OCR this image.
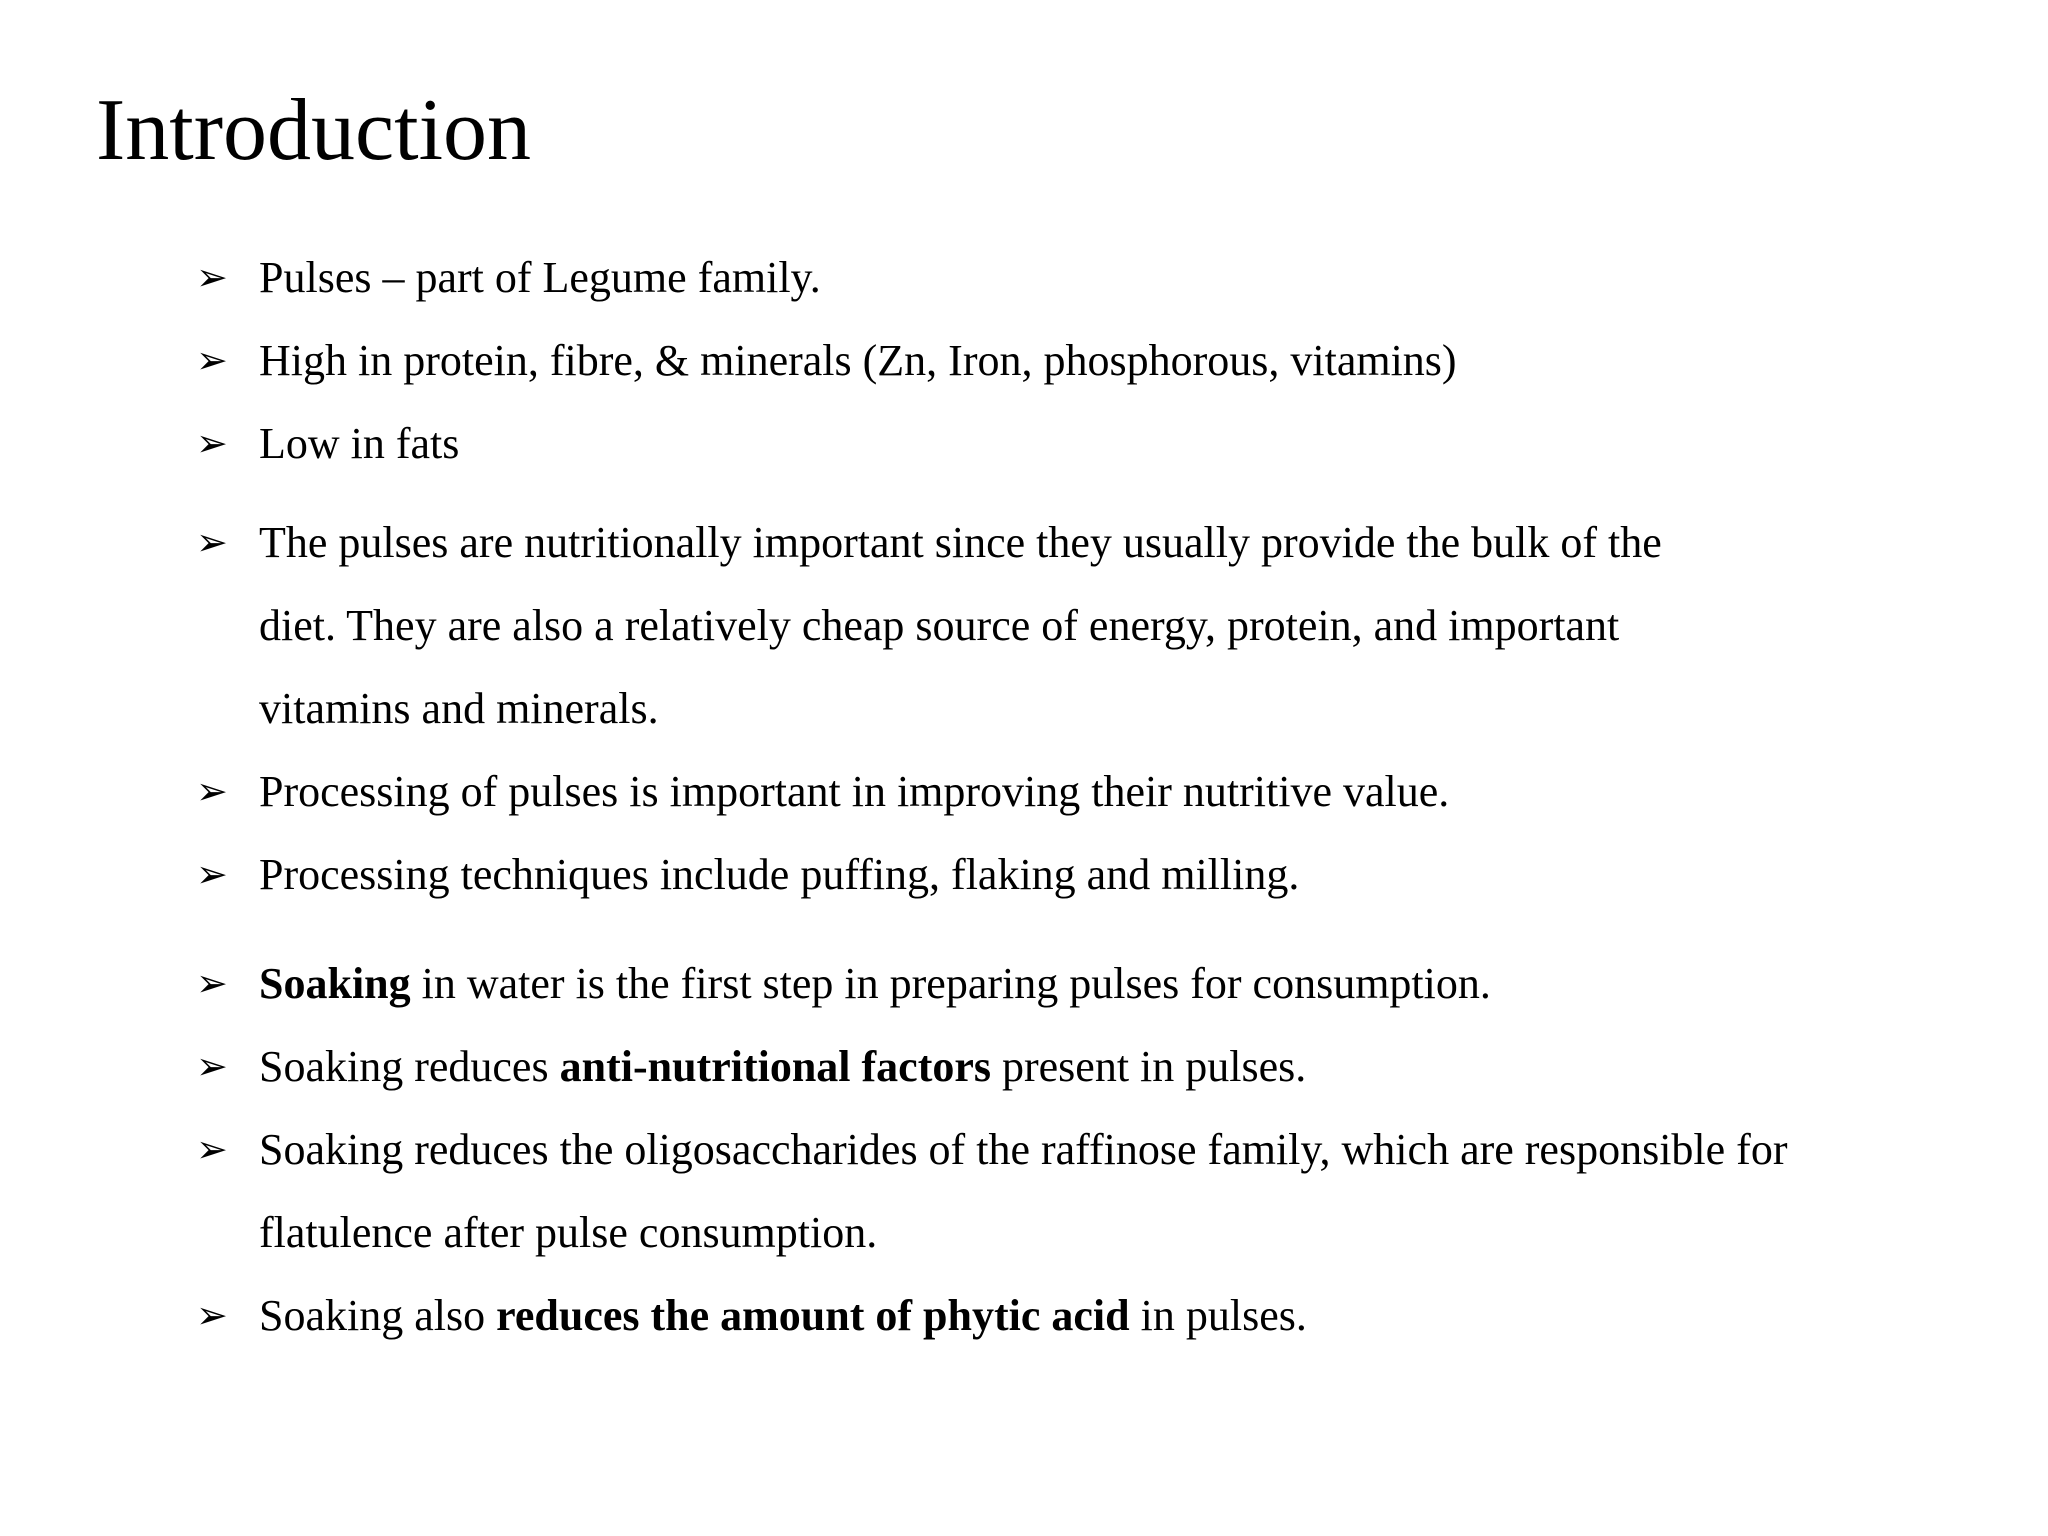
Introduction
➢ Pulses – part of Legume family.
➢ High in protein, fibre, & minerals (Zn, Iron, phosphorous, vitamins)
➢ Low in fats
➢ The pulses are nutritionally important since they usually provide the bulk of the
diet. They are also a relatively cheap source of energy, protein, and important
vitamins and minerals.
➢ Processing of pulses is important in improving their nutritive value.
➢ Processing techniques include puffing, flaking and milling.
➢ Soaking in water is the first step in preparing pulses for consumption.
➢ Soaking reduces anti-nutritional factors present in pulses.
➢ Soaking reduces the oligosaccharides of the raffinose family, which are responsible for
flatulence after pulse consumption.
➢ Soaking also reduces the amount of phytic acid in pulses.
